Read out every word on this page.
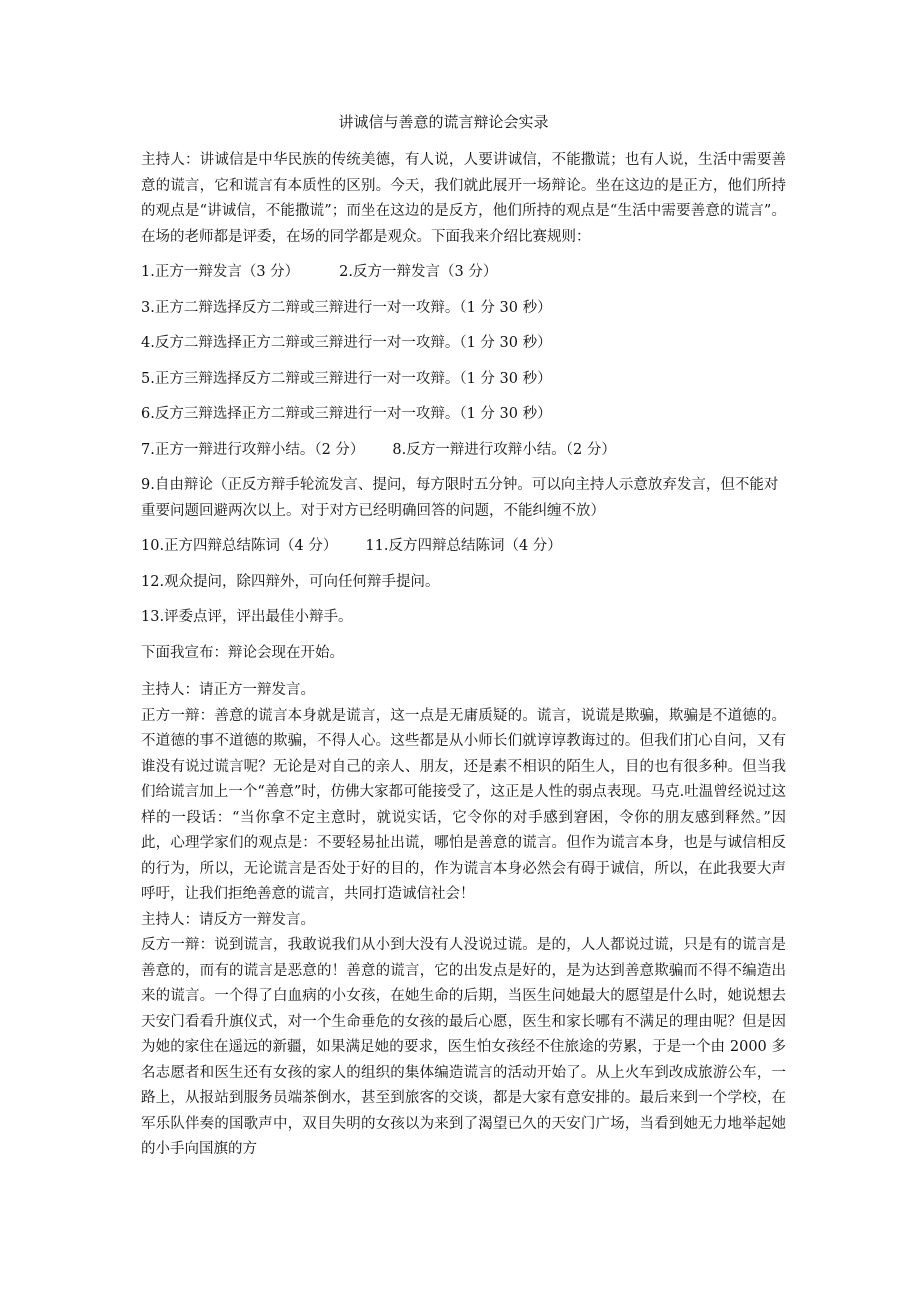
讲诚信与善意的谎言辩论会实录

主持人：讲诚信是中华民族的传统美德，有人说，人要讲诚信，不能撒谎；也有人说，生活中需要善意的谎言，它和谎言有本质性的区别。今天，我们就此展开一场辩论。坐在这边的是正方，他们所持的观点是“讲诚信，不能撒谎”；而坐在这边的是反方，他们所持的观点是“生活中需要善意的谎言”。在场的老师都是评委，在场的同学都是观众。下面我来介绍比赛规则：

1.正方一辩发言（3 分）	2.反方一辩发言（3 分）
3.正方二辩选择反方二辩或三辩进行一对一攻辩。（1 分 30 秒）
4.反方二辩选择正方二辩或三辩进行一对一攻辩。（1 分 30 秒）
5.正方三辩选择反方二辩或三辩进行一对一攻辩。（1 分 30 秒）
6.反方三辩选择正方二辩或三辩进行一对一攻辩。（1 分 30 秒）
7.正方一辩进行攻辩小结。（2 分） 8.反方一辩进行攻辩小结。（2 分）
9.自由辩论（正反方辩手轮流发言、提问，每方限时五分钟。可以向主持人示意放弃发言，但不能对重要问题回避两次以上。对于对方已经明确回答的问题，不能纠缠不放）
10.正方四辩总结陈词（4 分） 11.反方四辩总结陈词（4 分）
12.观众提问，除四辩外，可向任何辩手提问。
13.评委点评，评出最佳小辩手。
下面我宣布：辩论会现在开始。

主持人：请正方一辩发言。

正方一辩：善意的谎言本身就是谎言，这一点是无庸质疑的。谎言，说谎是欺骗，欺骗是不道德的。不道德的事不道德的欺骗，不得人心。这些都是从小师长们就谆谆教诲过的。但我们扪心自问，又有谁没有说过谎言呢？无论是对自己的亲人、朋友，还是素不相识的陌生人，目的也有很多种。但当我们给谎言加上一个“善意”时，仿佛大家都可能接受了，这正是人性的弱点表现。马克.吐温曾经说过这样的一段话：“当你拿不定主意时，就说实话，它令你的对手感到窘困，令你的朋友感到释然。”因此，心理学家们的观点是：不要轻易扯出谎，哪怕是善意的谎言。但作为谎言本身，也是与诚信相反的行为，所以，无论谎言是否处于好的目的，作为谎言本身必然会有碍于诚信，所以，在此我要大声呼吁，让我们拒绝善意的谎言，共同打造诚信社会！

主持人：请反方一辩发言。

反方一辩：说到谎言，我敢说我们从小到大没有人没说过谎。是的，人人都说过谎，只是有的谎言是善意的，而有的谎言是恶意的！善意的谎言，它的出发点是好的，是为达到善意欺骗而不得不编造出来的谎言。一个得了白血病的小女孩，在她生命的后期，当医生问她最大的愿望是什么时，她说想去天安门看看升旗仪式，对一个生命垂危的女孩的最后心愿，医生和家长哪有不满足的理由呢？但是因为她的家住在遥远的新疆，如果满足她的要求，医生怕女孩经不住旅途的劳累，于是一个由 2000 多名志愿者和医生还有女孩的家人的组织的集体编造谎言的活动开始了。从上火车到改成旅游公车，一路上，从报站到服务员端茶倒水，甚至到旅客的交谈，都是大家有意安排的。最后来到一个学校，在军乐队伴奏的国歌声中，双目失明的女孩以为来到了渴望已久的天安门广场，当看到她无力地举起她的小手向国旗的方
